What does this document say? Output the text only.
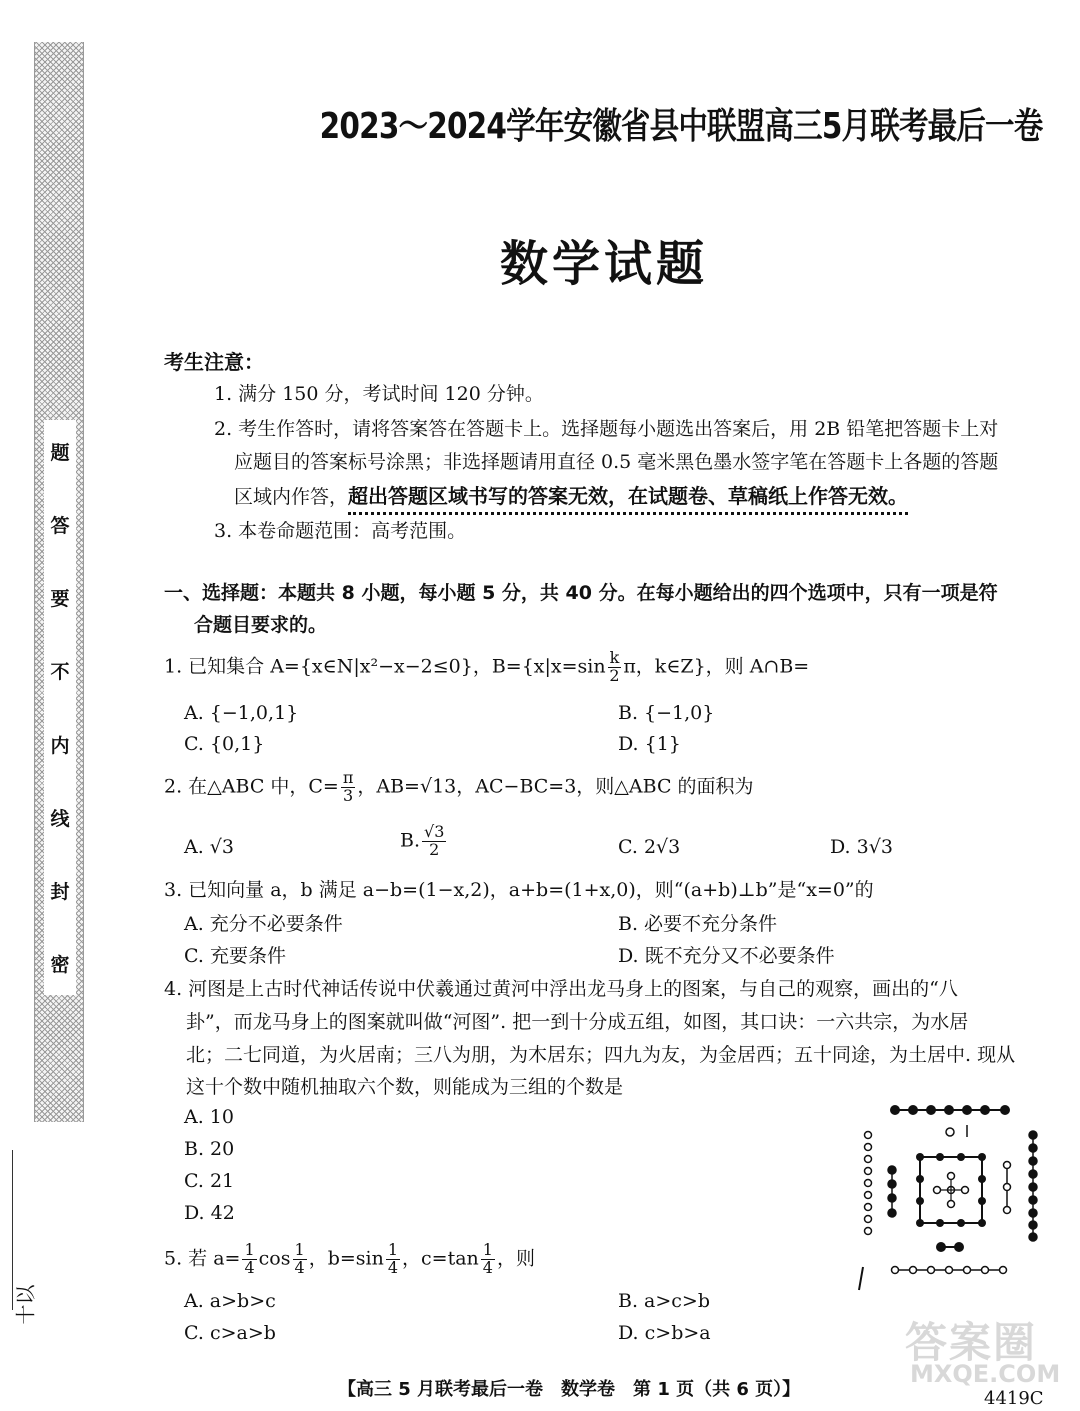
题
答
要
不
内
线
封
密
十以
2023～2024学年安徽省县中联盟高三5月联考最后一卷
数学试题
考生注意：
1. 满分 150 分，考试时间 120 分钟。
2. 考生作答时，请将答案答在答题卡上。选择题每小题选出答案后，用 2B 铅笔把答题卡上对
应题目的答案标号涂黑；非选择题请用直径 0.5 毫米黑色墨水签字笔在答题卡上各题的答题
区域内作答，超出答题区域书写的答案无效，在试题卷、草稿纸上作答无效。
3. 本卷命题范围：高考范围。
一、选择题：本题共 8 小题，每小题 5 分，共 40 分。在每小题给出的四个选项中，只有一项是符
合题目要求的。
1. 已知集合 A={x∈N|x²−x−2≤0}，$B=\{x|x=\sin \frac{k}{2}$ π，k∈Z}，则 A∩B=
A. {−1,0,1}	B. {−1,0}
C. {0,1}	D. {1}
2. 在△ABC 中，$C= \frac{\pi}{3}$ ，AB=√13，AC−BC=3，则△ABC 的面积为
A. √3	B. $\frac{√3}{2}$	C. 2√3	D. 3√3
3. 已知向量 a，b 满足 a−b=(1−x,2)，a+b=(1+x,0)，则“(a+b)⊥b”是“x=0”的
A. 充分不必要条件	B. 必要不充分条件
C. 充要条件	D. 既不充分又不必要条件
4. 河图是上古时代神话传说中伏羲通过黄河中浮出龙马身上的图案，与自己的观察，画出的“八
卦”，而龙马身上的图案就叫做“河图”. 把一到十分成五组，如图，其口诀：一六共宗，为水居
北；二七同道，为火居南；三八为朋，为木居东；四九为友，为金居西；五十同途，为土居中. 现从
这十个数中随机抽取六个数，则能成为三组的个数是
A. 10
B. 20
C. 21
D. 42
5. 若 $a= \frac{1}{4}$ $\cos \frac{1}{4}$ ，$b=\sin \frac{1}{4}$ ，$c=\tan \frac{1}{4}$ ，则
A. a>b>c	B. a>c>b
C. c>a>b	D. c>b>a	答案圈
MXQE.COM
【高三 5 月联考最后一卷　数学卷　第 1 页（共 6 页）】	4419C
